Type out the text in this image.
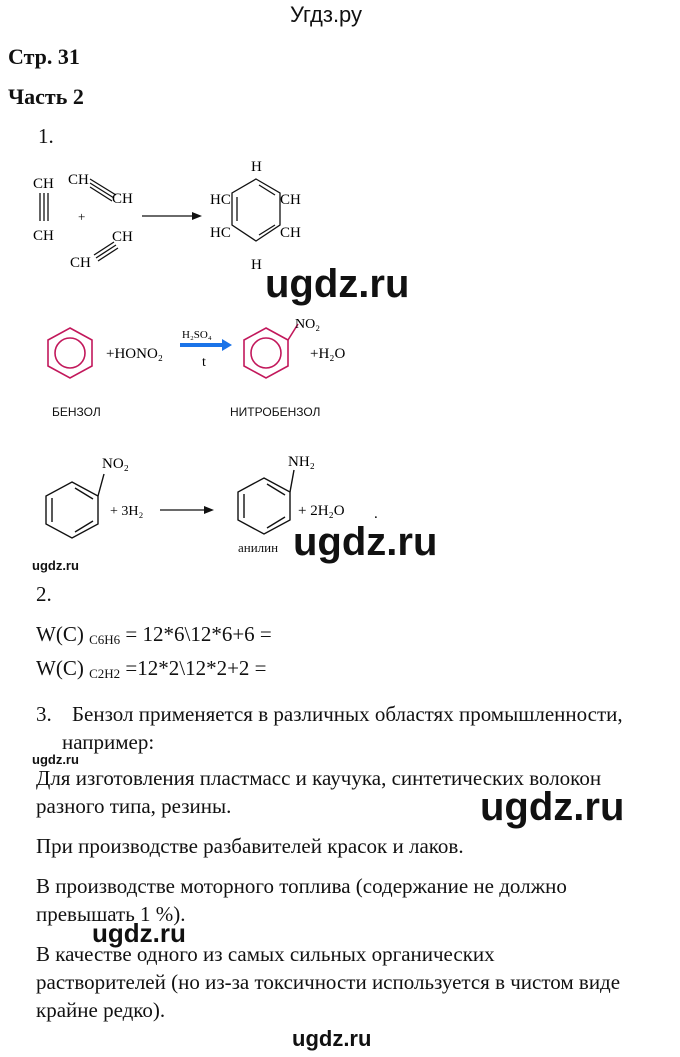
Угдз.ру
Стр. 31
Часть 2
1.
CH
CH
CH
CH
+
CH
CH
H
HC	CH
HC	CH
H ugdz.ru
+HONO₂
H₂SO₄
t
NO₂
+H₂O
БЕНЗОЛ	НИТРОБЕНЗОЛ
NO₂
+ 3H₂
NH₂
+ 2H₂O .
анилин ugdz.ru
ugdz.ru
2.
W(C) C6H6 = 12*6\12*6+6 =
W(C) C2H2 =12*2\12*2+2 =
3. Бензол применяется в различных областях промышленности,
например:
ugdz.ru
Для изготовления пластмасс и каучука, синтетических волокон
разного типа, резины.	ugdz.ru
При производстве разбавителей красок и лаков.
В производстве моторного топлива (содержание не должно
превышать 1 %).
ugdz.ru
В качестве одного из самых сильных органических
растворителей (но из-за токсичности используется в чистом виде
крайне редко).
ugdz.ru
